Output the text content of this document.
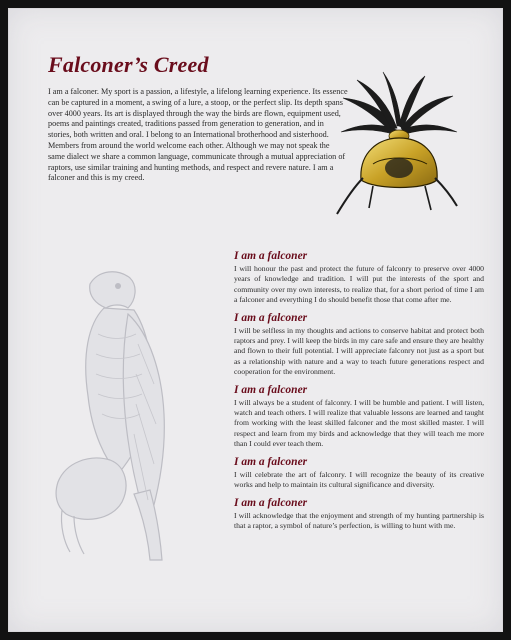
Falconer’s Creed
I am a falconer. My sport is a passion, a lifestyle, a lifelong learning experience. Its essence can be captured in a moment, a swing of a lure, a stoop, or the perfect slip. Its depth spans over 4000 years. Its art is displayed through the way the birds are flown, equipment used, poems and paintings created, traditions passed from generation to generation, and in stories, both written and oral. I belong to an International brotherhood and sisterhood. Members from around the world welcome each other. Although we may not speak the same dialect we share a common language, communicate through a mutual appreciation of raptors, use similar training and hunting methods, and respect and revere nature. I am a falconer and this is my creed.
I am a falconer

I will honour the past and protect the future of falconry to preserve over 4000 years of knowledge and tradition. I will put the interests of the sport and community over my own interests, to realize that, for a short period of time I am a falconer and everything I do should benefit those that come after me.

I am a falconer

I will be selfless in my thoughts and actions to conserve habitat and protect both raptors and prey. I will keep the birds in my care safe and ensure they are healthy and flown to their full potential. I will appreciate falconry not just as a sport but as a relationship with nature and a way to teach future generations respect and cooperation for the environment.

I am a falconer

I will always be a student of falconry. I will be humble and patient. I will listen, watch and teach others. I will realize that valuable lessons are learned and taught from working with the least skilled falconer and the most skilled master. I will respect and learn from my birds and acknowledge that they will teach me more than I could ever teach them.

I am a falconer

I will celebrate the art of falconry. I will recognize the beauty of its creative works and help to maintain its cultural significance and diversity.

I am a falconer

I will acknowledge that the enjoyment and strength of my hunting partnership is that a raptor, a symbol of nature’s perfection, is willing to hunt with me.
